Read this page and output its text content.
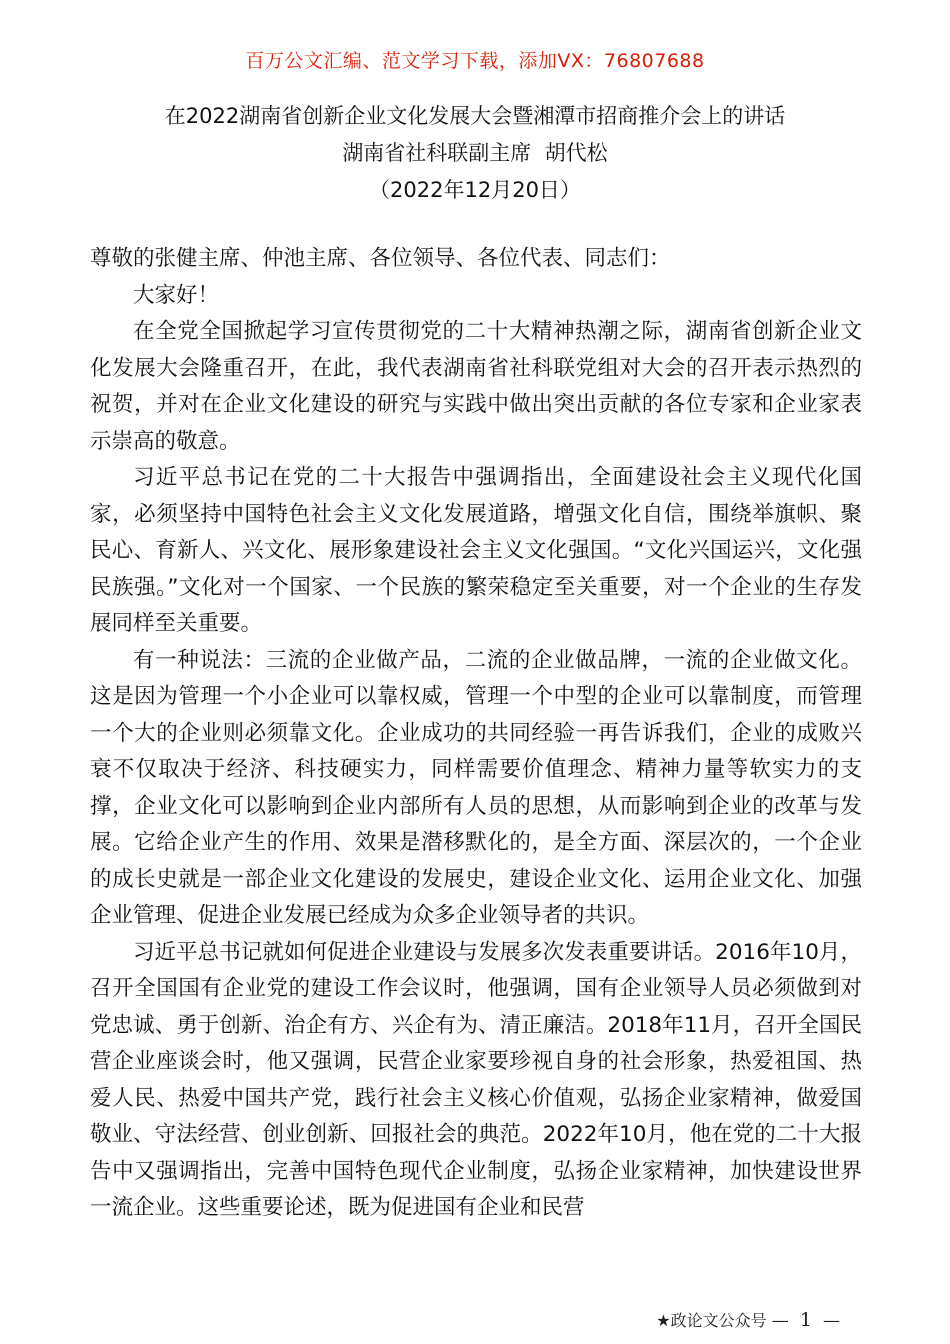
百万公文汇编、范文学习下载，添加VX：76807688
在2022湖南省创新企业文化发展大会暨湘潭市招商推介会上的讲话
湖南省社科联副主席  胡代松
（2022年12月20日）

尊敬的张健主席、仲池主席、各位领导、各位代表、同志们：

大家好！

在全党全国掀起学习宣传贯彻党的二十大精神热潮之际，湖南省创新企业文化发展大会隆重召开，在此，我代表湖南省社科联党组对大会的召开表示热烈的祝贺，并对在企业文化建设的研究与实践中做出突出贡献的各位专家和企业家表示崇高的敬意。

习近平总书记在党的二十大报告中强调指出，全面建设社会主义现代化国家，必须坚持中国特色社会主义文化发展道路，增强文化自信，围绕举旗帜、聚民心、育新人、兴文化、展形象建设社会主义文化强国。“文化兴国运兴，文化强民族强。”文化对一个国家、一个民族的繁荣稳定至关重要，对一个企业的生存发展同样至关重要。

有一种说法：三流的企业做产品，二流的企业做品牌，一流的企业做文化。这是因为管理一个小企业可以靠权威，管理一个中型的企业可以靠制度，而管理一个大的企业则必须靠文化。企业成功的共同经验一再告诉我们，企业的成败兴衰不仅取决于经济、科技硬实力，同样需要价值理念、精神力量等软实力的支撑，企业文化可以影响到企业内部所有人员的思想，从而影响到企业的改革与发展。它给企业产生的作用、效果是潜移默化的，是全方面、深层次的，一个企业的成长史就是一部企业文化建设的发展史，建设企业文化、运用企业文化、加强企业管理、促进企业发展已经成为众多企业领导者的共识。

习近平总书记就如何促进企业建设与发展多次发表重要讲话。2016年10月，召开全国国有企业党的建设工作会议时，他强调，国有企业领导人员必须做到对党忠诚、勇于创新、治企有方、兴企有为、清正廉洁。2018年11月，召开全国民营企业座谈会时，他又强调，民营企业家要珍视自身的社会形象，热爱祖国、热爱人民、热爱中国共产党，践行社会主义核心价值观，弘扬企业家精神，做爱国敬业、守法经营、创业创新、回报社会的典范。2022年10月，他在党的二十大报告中又强调指出，完善中国特色现代企业制度，弘扬企业家精神，加快建设世界一流企业。这些重要论述，既为促进国有企业和民营

★政论文公众号 — 1 —
